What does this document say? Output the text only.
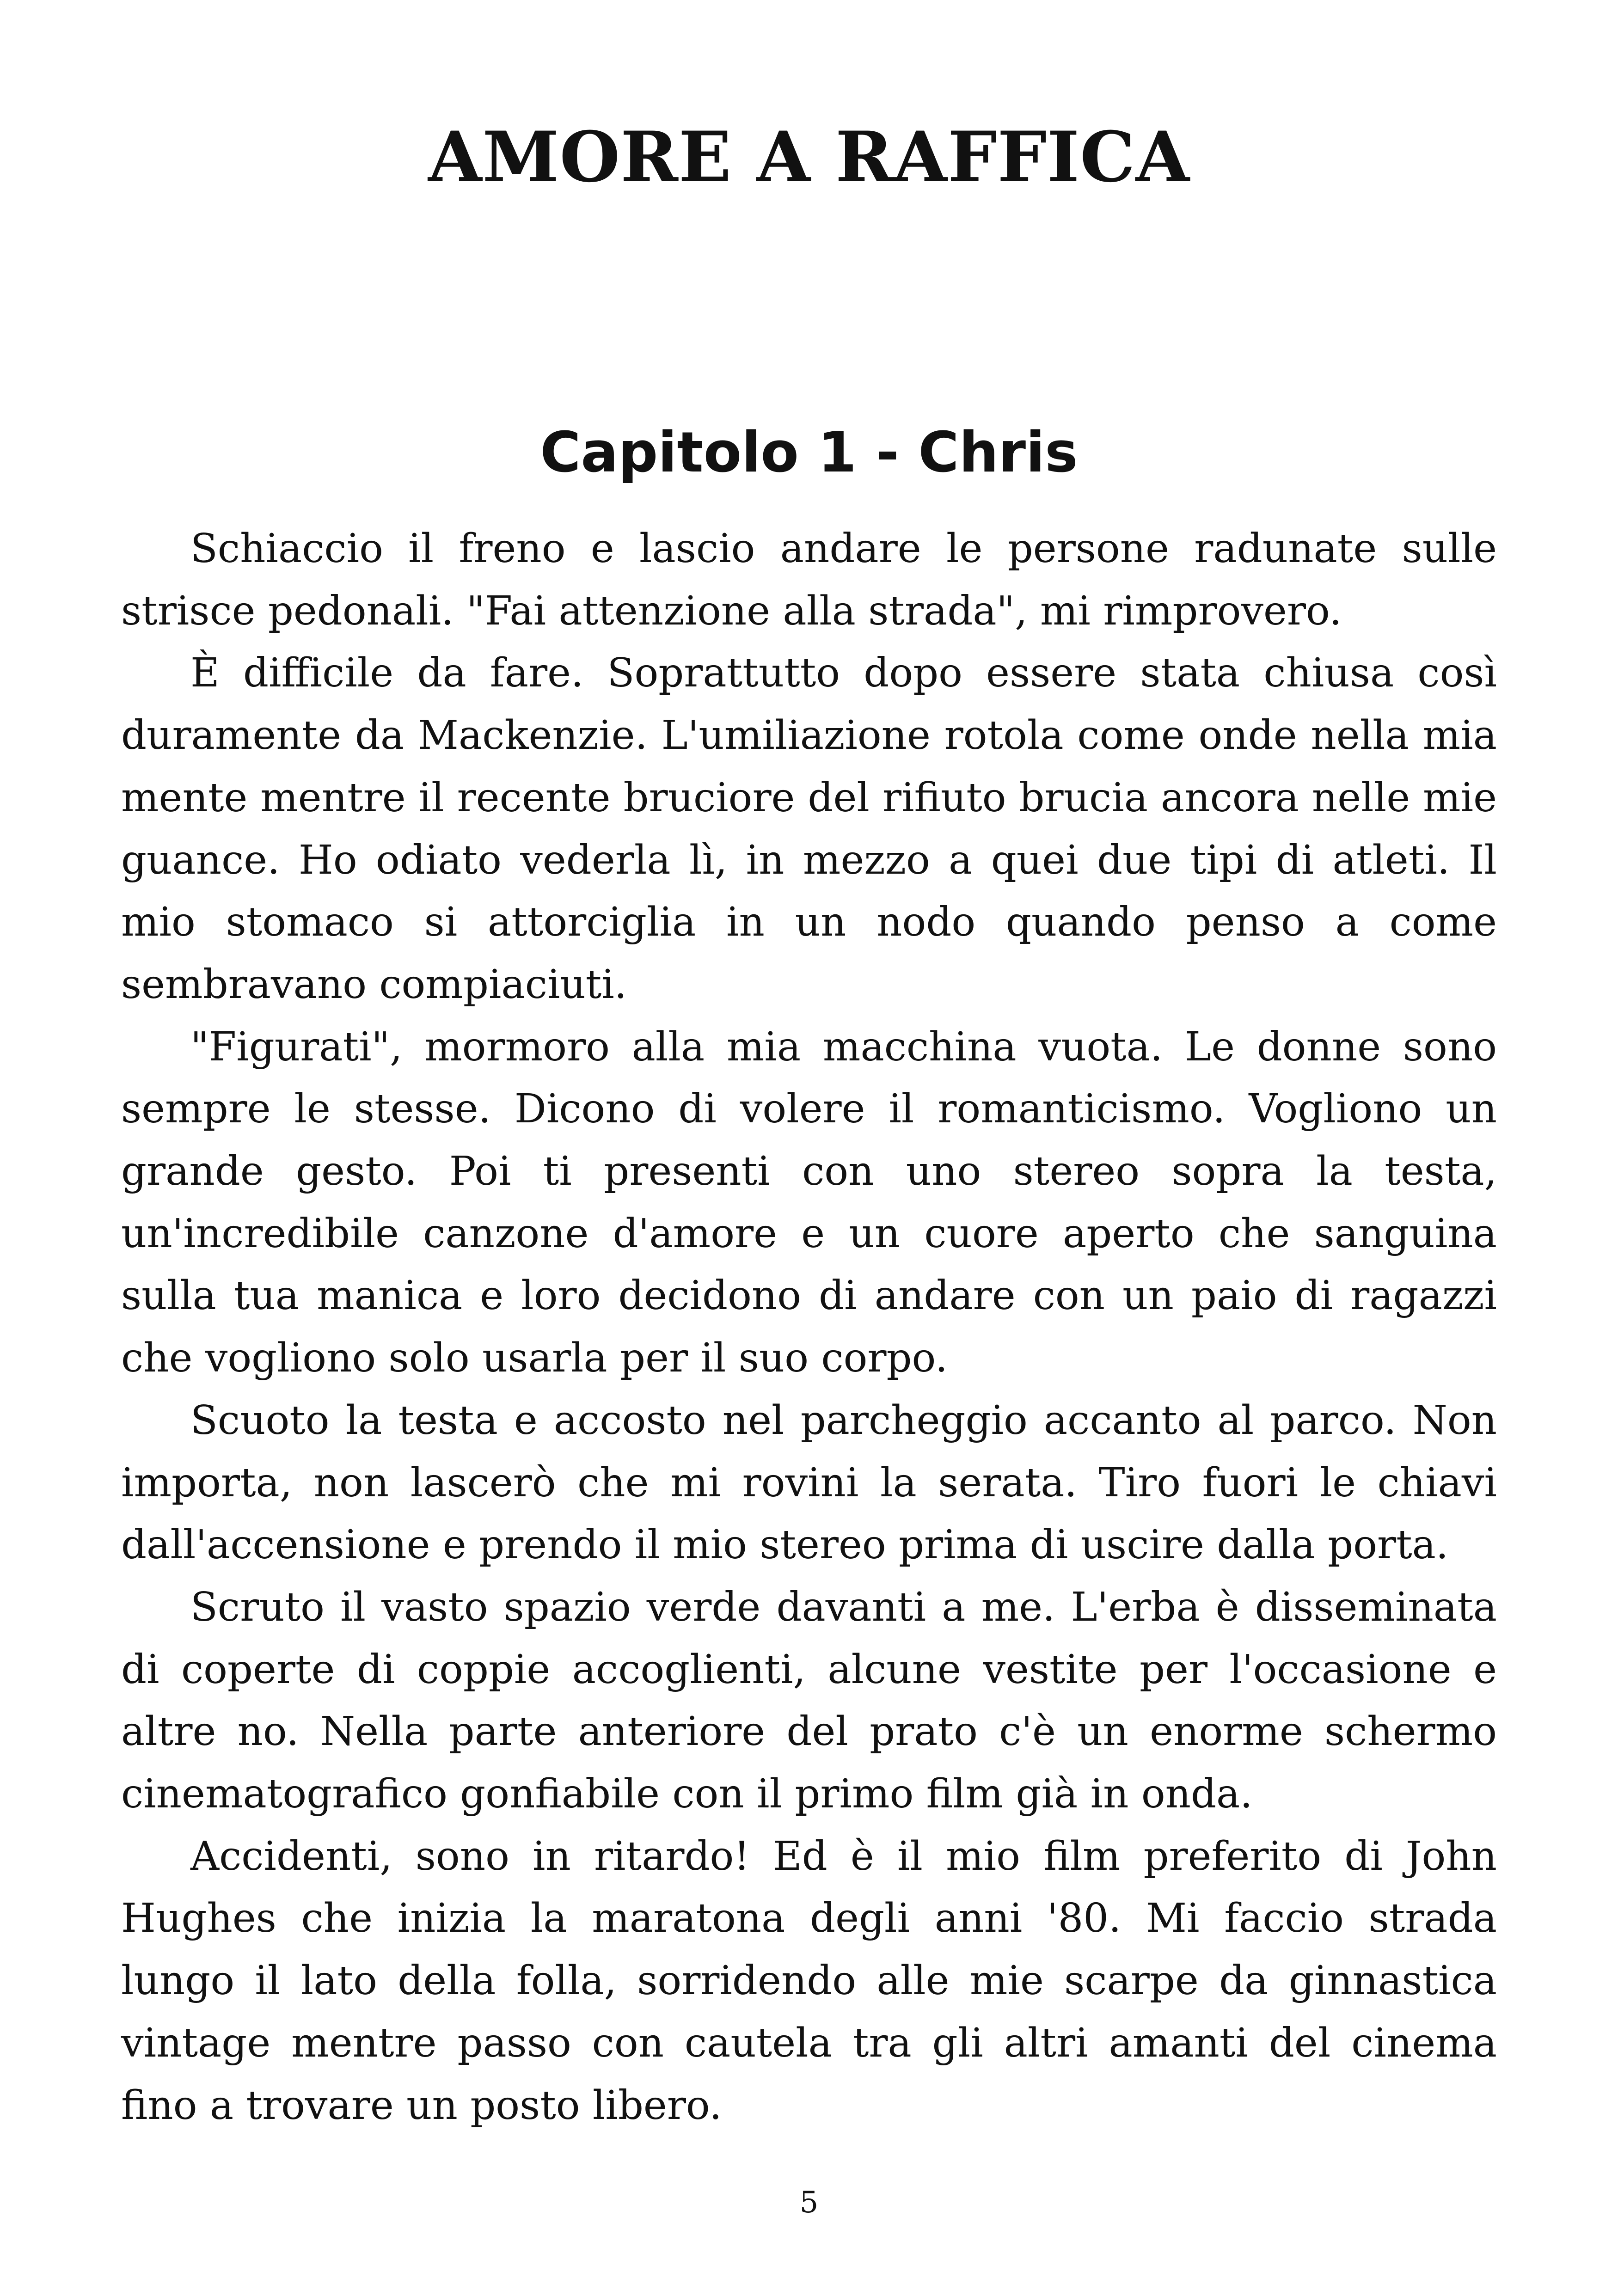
AMORE A RAFFICA
Capitolo 1 - Chris

Schiaccio il freno e lascio andare le persone radunate sulle strisce pedonali. "Fai attenzione alla strada", mi rimprovero.

È difficile da fare. Soprattutto dopo essere stata chiusa così duramente da Mackenzie. L'umiliazione rotola come onde nella mia mente mentre il recente bruciore del rifiuto brucia ancora nelle mie guance. Ho odiato vederla lì, in mezzo a quei due tipi di atleti. Il mio stomaco si attorciglia in un nodo quando penso a come sembravano compiaciuti.

"Figurati", mormoro alla mia macchina vuota. Le donne sono sempre le stesse. Dicono di volere il romanticismo. Vogliono un grande gesto. Poi ti presenti con uno stereo sopra la testa, un'incredibile canzone d'amore e un cuore aperto che sanguina sulla tua manica e loro decidono di andare con un paio di ragazzi che vogliono solo usarla per il suo corpo.

Scuoto la testa e accosto nel parcheggio accanto al parco. Non importa, non lascerò che mi rovini la serata. Tiro fuori le chiavi dall'accensione e prendo il mio stereo prima di uscire dalla porta.

Scruto il vasto spazio verde davanti a me. L'erba è disseminata di coperte di coppie accoglienti, alcune vestite per l'occasione e altre no. Nella parte anteriore del prato c'è un enorme schermo cinematografico gonfiabile con il primo film già in onda.

Accidenti, sono in ritardo! Ed è il mio film preferito di John Hughes che inizia la maratona degli anni '80. Mi faccio strada lungo il lato della folla, sorridendo alle mie scarpe da ginnastica vintage mentre passo con cautela tra gli altri amanti del cinema fino a trovare un posto libero.

5
